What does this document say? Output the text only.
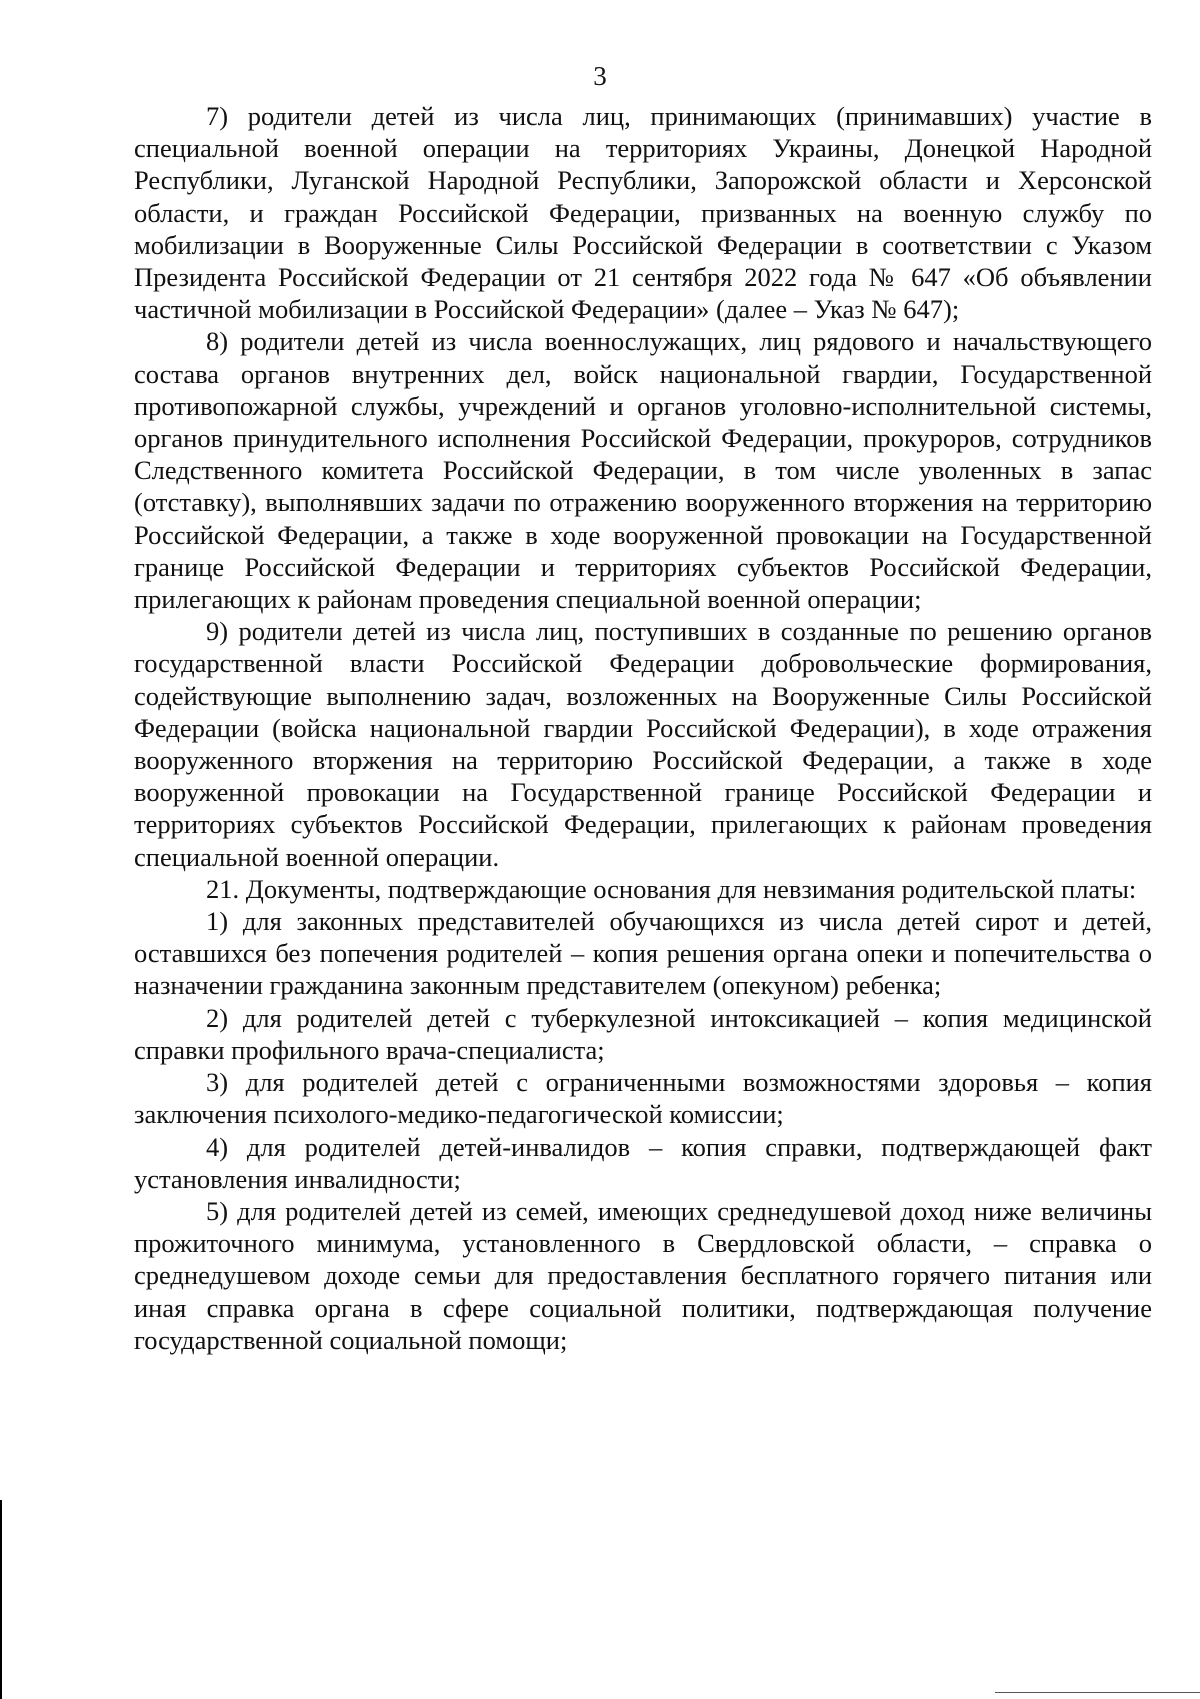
3

7) родители детей из числа лиц, принимающих (принимавших) участие в специальной военной операции на территориях Украины, Донецкой Народной Республики, Луганской Народной Республики, Запорожской области и Херсонской области, и граждан Российской Федерации, призванных на военную службу по мобилизации в Вооруженные Силы Российской Федерации в соответствии с Указом Президента Российской Федерации от 21 сентября 2022 года № 647 «Об объявлении частичной мобилизации в Российской Федерации» (далее – Указ № 647);

8) родители детей из числа военнослужащих, лиц рядового и начальствующего состава органов внутренних дел, войск национальной гвардии, Государственной противопожарной службы, учреждений и органов уголовно-исполнительной системы, органов принудительного исполнения Российской Федерации, прокуроров, сотрудников Следственного комитета Российской Федерации, в том числе уволенных в запас (отставку), выполнявших задачи по отражению вооруженного вторжения на территорию Российской Федерации, а также в ходе вооруженной провокации на Государственной границе Российской Федерации и территориях субъектов Российской Федерации, прилегающих к районам проведения специальной военной операции;

9) родители детей из числа лиц, поступивших в созданные по решению органов государственной власти Российской Федерации добровольческие формирования, содействующие выполнению задач, возложенных на Вооруженные Силы Российской Федерации (войска национальной гвардии Российской Федерации), в ходе отражения вооруженного вторжения на территорию Российской Федерации, а также в ходе вооруженной провокации на Государственной границе Российской Федерации и территориях субъектов Российской Федерации, прилегающих к районам проведения специальной военной операции.

21. Документы, подтверждающие основания для невзимания родительской платы:

1) для законных представителей обучающихся из числа детей сирот и детей, оставшихся без попечения родителей – копия решения органа опеки и попечительства о назначении гражданина законным представителем (опекуном) ребенка;

2) для родителей детей с туберкулезной интоксикацией – копия медицинской справки профильного врача-специалиста;

3) для родителей детей с ограниченными возможностями здоровья – копия заключения психолого-медико-педагогической комиссии;

4) для родителей детей-инвалидов – копия справки, подтверждающей факт установления инвалидности;

5) для родителей детей из семей, имеющих среднедушевой доход ниже величины прожиточного минимума, установленного в Свердловской области, – справка о среднедушевом доходе семьи для предоставления бесплатного горячего питания или иная справка органа в сфере социальной политики, подтверждающая получение государственной социальной помощи;
